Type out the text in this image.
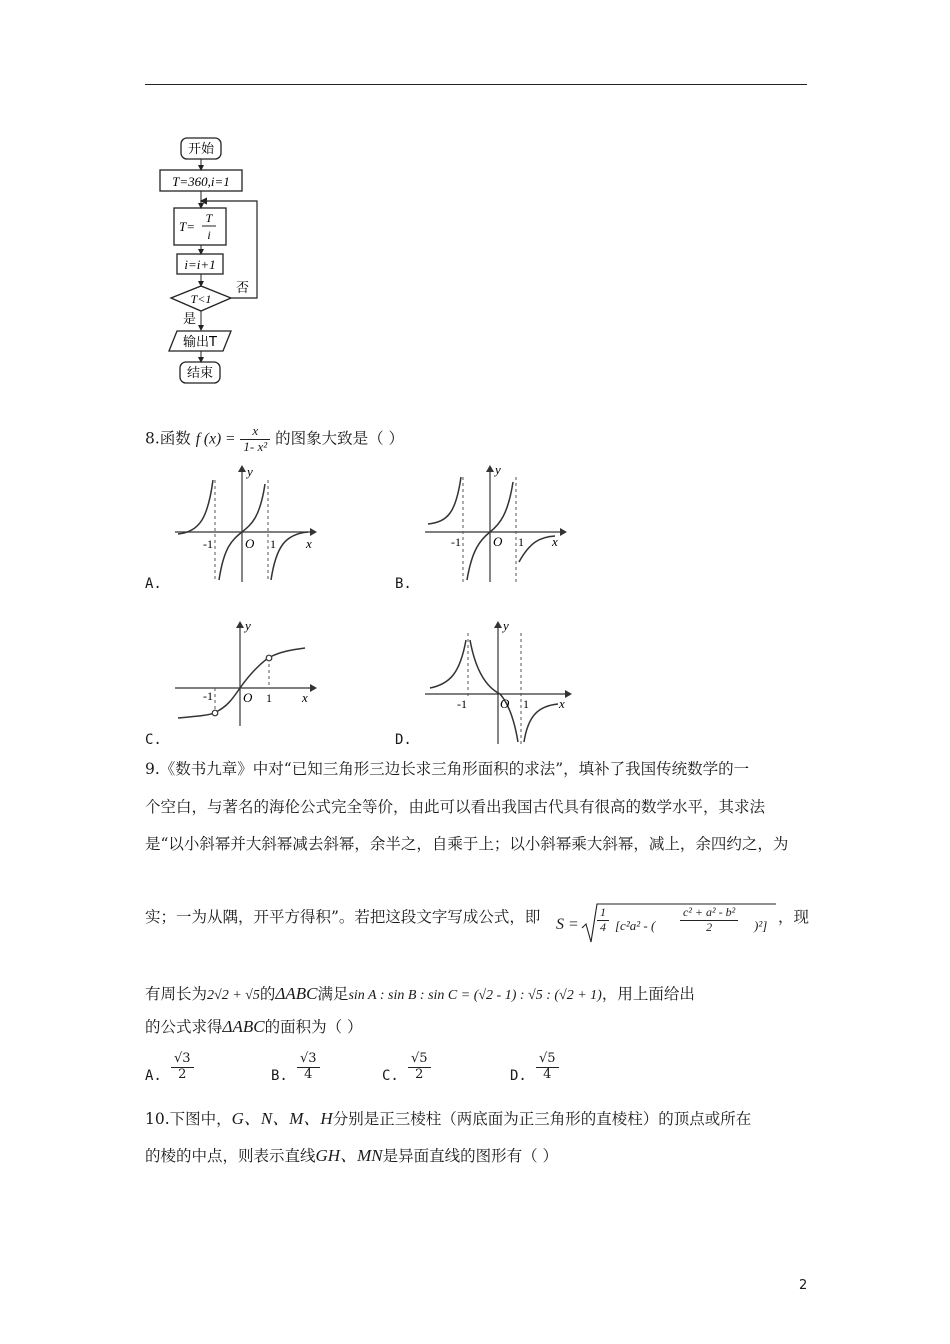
开始
T=360,i=1
T=
T
i
i=i+1
T<1
否
是
输出T
结束
8.函数 f $(x) = \frac{x}{\text{1- x²}}$ 的图象大致是（ ）
y
x
O
-1	1
A.
y
x
O
-1	1
B.
y
x
O
-1	1
C.
y
x
O
-1	1
D.
9.《数书九章》中对“已知三角形三边长求三角形面积的求法”，填补了我国传统数学的一
个空白，与著名的海伦公式完全等价，由此可以看出我国古代具有很高的数学水平，其求法
是“以小斜幂并大斜幂减去斜幂，余半之，自乘于上；以小斜幂乘大斜幂，减上，余四约之，为
实；一为从隅，开平方得积”。若把这段文字写成公式，即 $S = \frac{1}{4} [c^2a^2$ - ( $\frac{\text{c² + a² - b²}}{2} )^2$] ，现
有周长为2√2 + √5的ΔABC满足sin A : sin B : sin C = (√2 - 1) : √5 : (√2 + 1)，用上面给出
的公式求得ΔABC的面积为（ ）
A. $\frac{√3}{2}$	B. $\frac{√3}{4}$	C. $\frac{√5}{2}$	D. $\frac{√5}{4}$
10.下图中，G、N、M、H分别是正三棱柱（两底面为正三角形的直棱柱）的顶点或所在
的棱的中点，则表示直线GH、MN是异面直线的图形有（ ）
2
